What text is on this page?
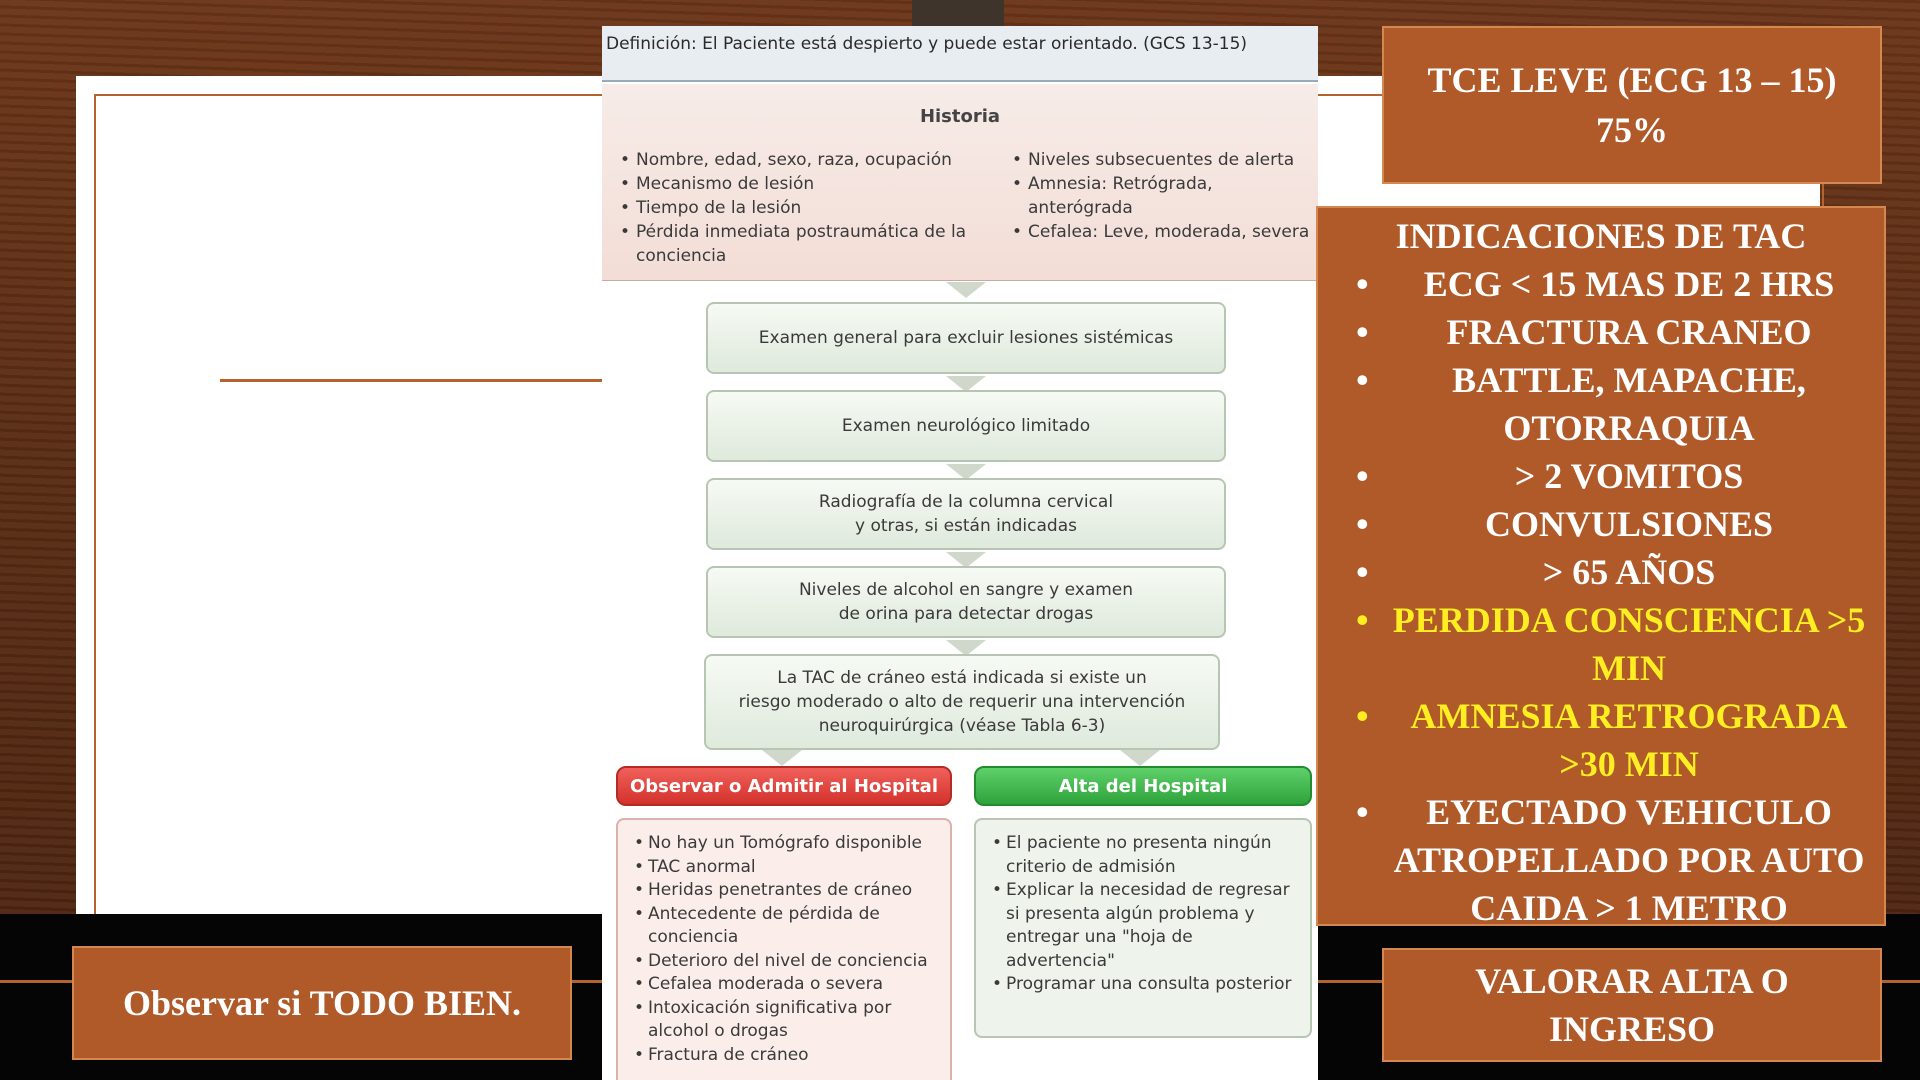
Definición: El Paciente está despierto y puede estar orientado. (GCS 13-15)
Historia
• Nombre, edad, sexo, raza, ocupación
• Mecanismo de lesión
• Tiempo de la lesión
• Pérdida inmediata postraumática de la conciencia
• Niveles subsecuentes de alerta
• Amnesia: Retrógrada, anterógrada
• Cefalea: Leve, moderada, severa
Examen general para excluir lesiones sistémicas
Examen neurológico limitado
Radiografía de la columna cervical
y otras, si están indicadas
Niveles de alcohol en sangre y examen
de orina para detectar drogas
La TAC de cráneo está indicada si existe un
riesgo moderado o alto de requerir una intervención
neuroquirúrgica (véase Tabla 6-3)
Observar o Admitir al Hospital	Alta del Hospital
• No hay un Tomógrafo disponible
• TAC anormal
• Heridas penetrantes de cráneo
• Antecedente de pérdida de conciencia
• Deterioro del nivel de conciencia
• Cefalea moderada o severa
• Intoxicación significativa por alcohol o drogas
• Fractura de cráneo
• El paciente no presenta ningún criterio de admisión
• Explicar la necesidad de regresar si presenta algún problema y entregar una "hoja de advertencia"
• Programar una consulta posterior
TCE LEVE (ECG 13 – 15)
75%
INDICACIONES DE TAC
• ECG < 15 MAS DE 2 HRS
• FRACTURA CRANEO
• BATTLE, MAPACHE, OTORRAQUIA
•	> 2 VOMITOS
•	CONVULSIONES
•	> 65 AÑOS
• PERDIDA CONSCIENCIA >5 MIN
• AMNESIA RETROGRADA >30 MIN
• EYECTADO VEHICULO ATROPELLADO POR AUTO CAIDA > 1 METRO
VALORAR ALTA O
INGRESO
Observar si TODO BIEN.
